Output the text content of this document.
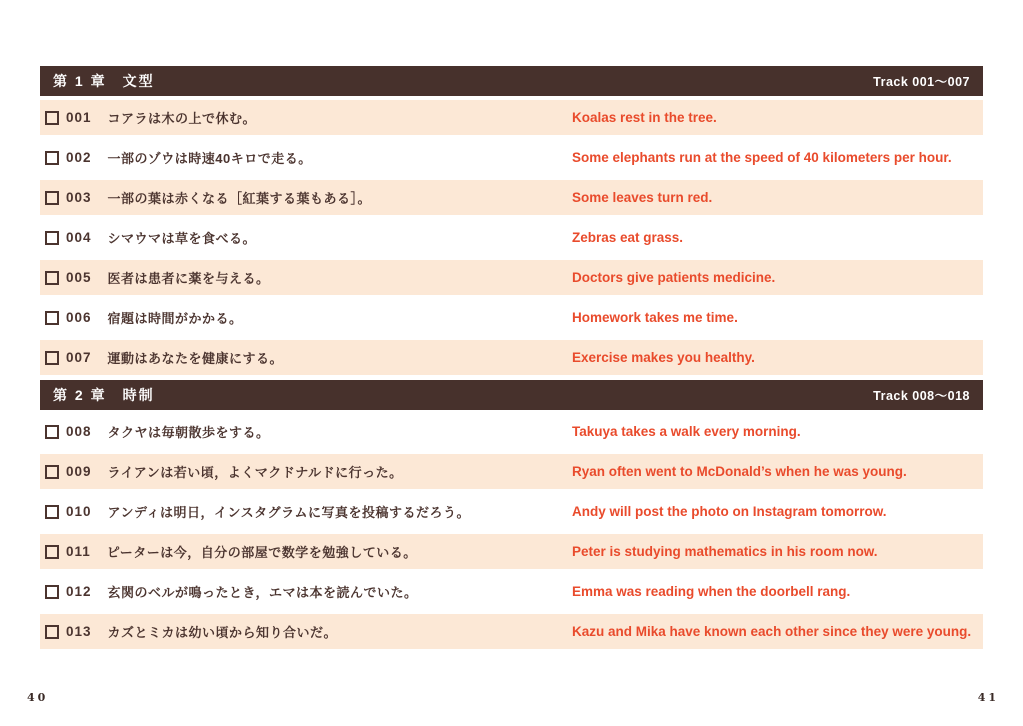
第 1 章　文型	Track 001〜007
001 コアラは木の上で休む。	Koalas rest in the tree.
002 一部のゾウは時速40キロで走る。	Some elephants run at the speed of 40 kilometers per hour.
003 一部の葉は赤くなる［紅葉する葉もある］。	Some leaves turn red.
004 シマウマは草を食べる。	Zebras eat grass.
005 医者は患者に薬を与える。	Doctors give patients medicine.
006 宿題は時間がかかる。	Homework takes me time.
007 運動はあなたを健康にする。	Exercise makes you healthy.
第 2 章　時制	Track 008〜018
008 タクヤは毎朝散歩をする。	Takuya takes a walk every morning.
009 ライアンは若い頃，よくマクドナルドに行った。	Ryan often went to McDonald’s when he was young.
010 アンディは明日，インスタグラムに写真を投稿するだろう。	Andy will post the photo on Instagram tomorrow.
011 ピーターは今，自分の部屋で数学を勉強している。	Peter is studying mathematics in his room now.
012 玄関のベルが鳴ったとき，エマは本を読んでいた。	Emma was reading when the doorbell rang.
013 カズとミカは幼い頃から知り合いだ。	Kazu and Mika have known each other since they were young.
40	41
